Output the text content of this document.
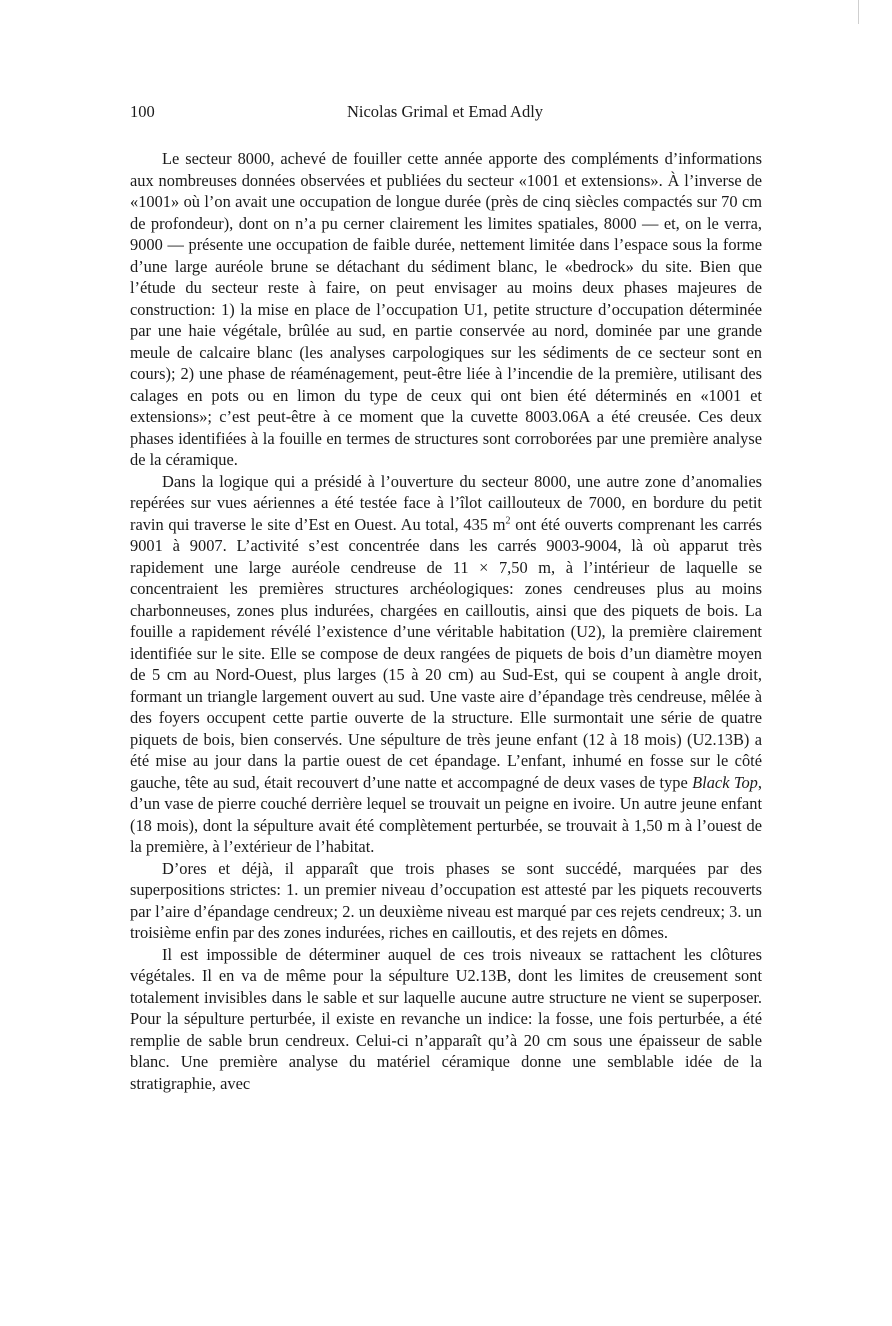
100	Nicolas Grimal et Emad Adly

Le secteur 8000, achevé de fouiller cette année apporte des compléments d’informations aux nombreuses données observées et publiées du secteur «1001 et extensions». À l’inverse de «1001» où l’on avait une occupation de longue durée (près de cinq siècles compactés sur 70 cm de profondeur), dont on n’a pu cerner clairement les limites spatiales, 8000 — et, on le verra, 9000 — présente une occupation de faible durée, nettement limitée dans l’espace sous la forme d’une large auréole brune se détachant du sédiment blanc, le «bedrock» du site. Bien que l’étude du secteur reste à faire, on peut envisager au moins deux phases majeures de construction: 1) la mise en place de l’occupation U1, petite structure d’occupation déterminée par une haie végétale, brûlée au sud, en partie conservée au nord, dominée par une grande meule de calcaire blanc (les analyses carpologiques sur les sédiments de ce secteur sont en cours); 2) une phase de réaménagement, peut-être liée à l’incendie de la première, utilisant des calages en pots ou en limon du type de ceux qui ont bien été déterminés en «1001 et extensions»; c’est peut-être à ce moment que la cuvette 8003.06A a été creusée. Ces deux phases identifiées à la fouille en termes de structures sont corroborées par une première analyse de la céramique.

Dans la logique qui a présidé à l’ouverture du secteur 8000, une autre zone d’anomalies repérées sur vues aériennes a été testée face à l’îlot caillouteux de 7000, en bordure du petit ravin qui traverse le site d’Est en Ouest. Au total, 435 $m^2$ ont été ouverts comprenant les carrés 9001 à 9007. L’activité s’est concentrée dans les carrés 9003-9004, là où apparut très rapidement une large auréole cendreuse de 11 × 7,50 m, à l’intérieur de laquelle se concentraient les premières structures archéologiques: zones cendreuses plus au moins charbonneuses, zones plus indurées, chargées en cailloutis, ainsi que des piquets de bois. La fouille a rapidement révélé l’existence d’une véritable habitation (U2), la première clairement identifiée sur le site. Elle se compose de deux rangées de piquets de bois d’un diamètre moyen de 5 cm au Nord-Ouest, plus larges (15 à 20 cm) au Sud-Est, qui se coupent à angle droit, formant un triangle largement ouvert au sud. Une vaste aire d’épandage très cendreuse, mêlée à des foyers occupent cette partie ouverte de la structure. Elle surmontait une série de quatre piquets de bois, bien conservés. Une sépulture de très jeune enfant (12 à 18 mois) (U2.13B) a été mise au jour dans la partie ouest de cet épandage. L’enfant, inhumé en fosse sur le côté gauche, tête au sud, était recouvert d’une natte et accompagné de deux vases de type Black Top, d’un vase de pierre couché derrière lequel se trouvait un peigne en ivoire. Un autre jeune enfant (18 mois), dont la sépulture avait été complètement perturbée, se trouvait à 1,50 m à l’ouest de la première, à l’extérieur de l’habitat.

D’ores et déjà, il apparaît que trois phases se sont succédé, marquées par des superpositions strictes: 1. un premier niveau d’occupation est attesté par les piquets recouverts par l’aire d’épandage cendreux; 2. un deuxième niveau est marqué par ces rejets cendreux; 3. un troisième enfin par des zones indurées, riches en cailloutis, et des rejets en dômes.

Il est impossible de déterminer auquel de ces trois niveaux se rattachent les clôtures végétales. Il en va de même pour la sépulture U2.13B, dont les limites de creusement sont totalement invisibles dans le sable et sur laquelle aucune autre structure ne vient se superposer. Pour la sépulture perturbée, il existe en revanche un indice: la fosse, une fois perturbée, a été remplie de sable brun cendreux. Celui-ci n’apparaît qu’à 20 cm sous une épaisseur de sable blanc. Une première analyse du matériel céramique donne une semblable idée de la stratigraphie, avec
